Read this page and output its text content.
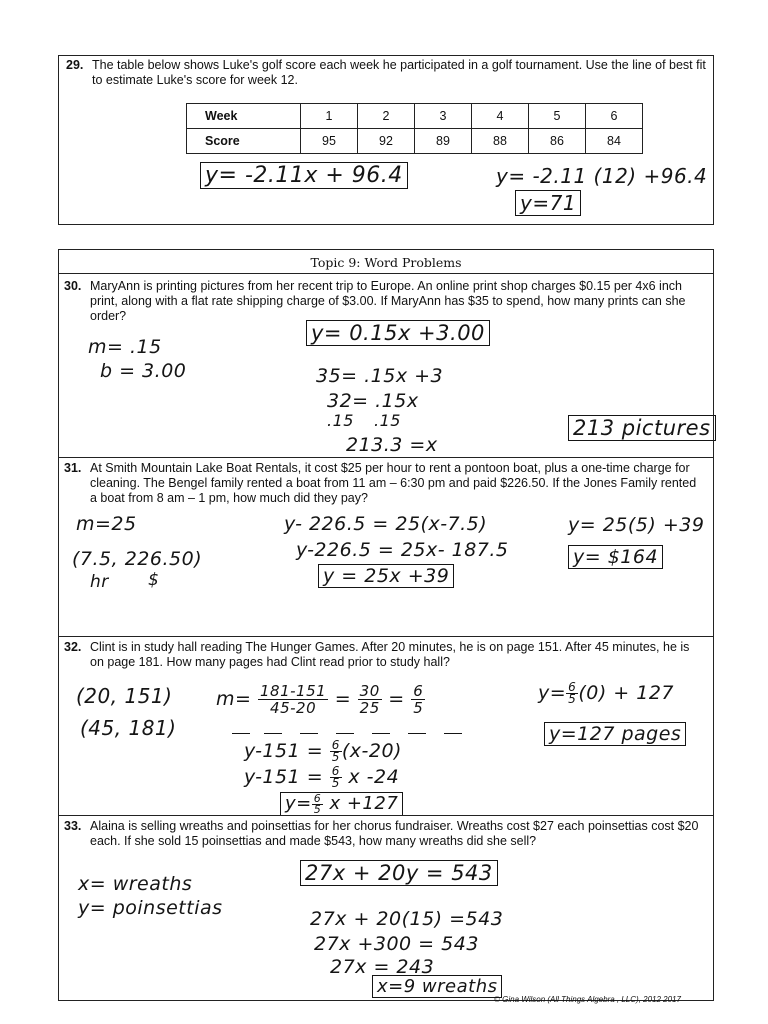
29. The table below shows Luke's golf score each week he participated in a golf tournament. Use the line of best fit to estimate Luke's score for week 12.
Week	1	2	3	4	5	6
Score	95	92	89	88	86	84
y= -2.11x + 96.4	y= -2.11 (12) +96.4
y=71
Topic 9: Word Problems
30. MaryAnn is printing pictures from her recent trip to Europe. An online print shop charges $0.15 per 4x6 inch print, along with a flat rate shipping charge of $3.00. If MaryAnn has $35 to spend, how many prints can she order?
m= .15
b = 3.00
y= 0.15x +3.00
35= .15x +3
32= .15x
.15 .15
213.3 =x
213 pictures
31. At Smith Mountain Lake Boat Rentals, it cost $25 per hour to rent a pontoon boat, plus a one-time charge for cleaning. The Bengel family rented a boat from 11 am – 6:30 pm and paid $226.50. If the Jones Family rented a boat from 8 am – 1 pm, how much did they pay?
m=25
(7.5, 226.50)
hr $
y- 226.5 = 25(x-7.5)
y-226.5 = 25x- 187.5
y = 25x +39
y= 25(5) +39
y= $164
32. Clint is in study hall reading The Hunger Games. After 20 minutes, he is on page 151. After 45 minutes, he is on page 181. How many pages had Clint read prior to study hall?
(20, 151)
(45, 181)
$m= \frac{181-151}{45-20} = \frac{30}{25} = \frac{6}{5}$
$y-151 = \frac{6}{5} (x-20)$
$y-151 = \frac{6}{5}$ x -24
$y= \frac{6}{5}$ x +127
$y= \frac{6}{5} (0) + 127$
y=127 pages
33. Alaina is selling wreaths and poinsettias for her chorus fundraiser. Wreaths cost $27 each poinsettias cost $20 each. If she sold 15 poinsettias and made $543, how many wreaths did she sell?
x= wreaths
y= poinsettias
27x + 20y = 543
27x + 20(15) =543
27x +300 = 543
27x = 243
x=9 wreaths
© Gina Wilson (All Things Algebra , LLC), 2012 2017
